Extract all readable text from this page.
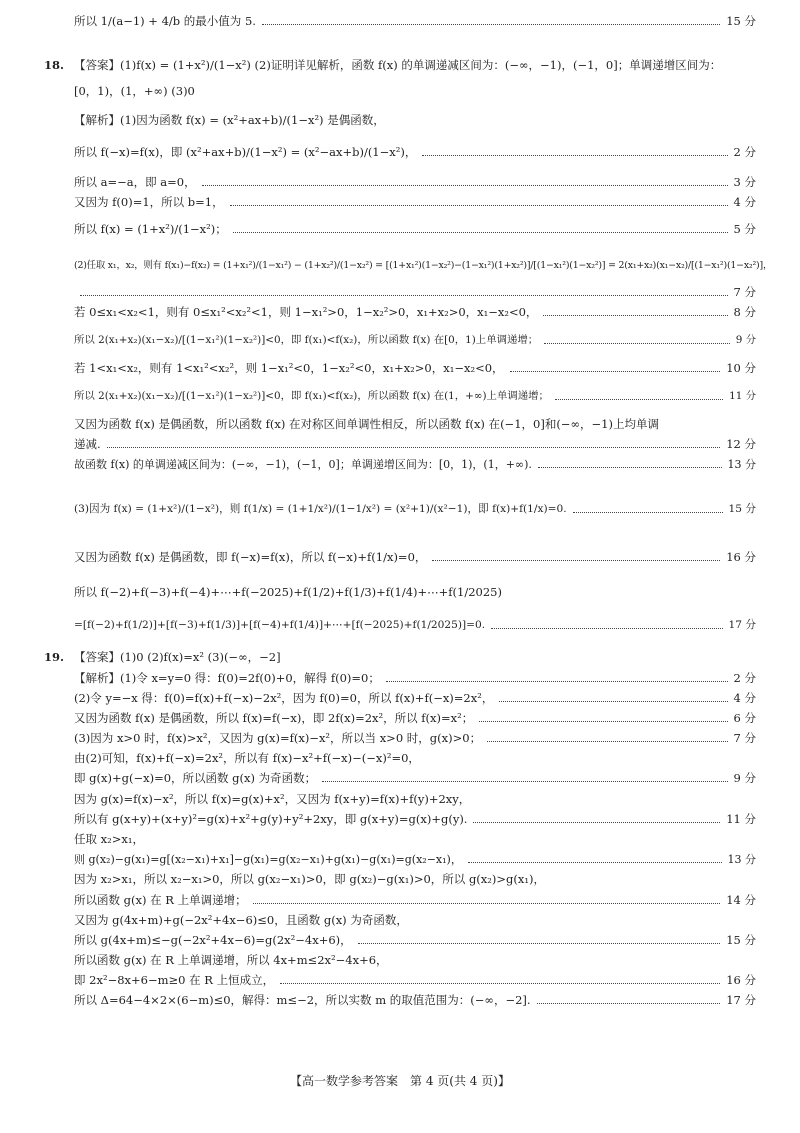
18.
19.
所以 1/(a−1) + 4/b 的最小值为 5.	15 分
【答案】(1)f(x) = (1+x²)/(1−x²) (2)证明详见解析，函数 f(x) 的单调递减区间为：(−∞，−1)，(−1，0]；单调递增区间为：
[0，1)，(1，+∞) (3)0
【解析】(1)因为函数 f(x) = (x²+ax+b)/(1−x²) 是偶函数，
所以 f(−x)=f(x)，即 (x²+ax+b)/(1−x²) = (x²−ax+b)/(1−x²)，	2 分
所以 a=−a，即 a=0，	3 分
又因为 f(0)=1，所以 b=1，	4 分
所以 f(x) = (1+x²)/(1−x²)；	5 分
(2)任取 x₁，x₂，则有 f(x₁)−f(x₂) = (1+x₁²)/(1−x₁²) − (1+x₂²)/(1−x₂²) = [(1+x₁²)(1−x₂²)−(1−x₁²)(1+x₂²)]/[(1−x₁²)(1−x₂²)] = 2(x₁+x₂)(x₁−x₂)/[(1−x₁²)(1−x₂²)]，
7 分
若 0≤x₁<x₂<1，则有 0≤x₁²<x₂²<1，则 1−x₁²>0，1−x₂²>0，x₁+x₂>0，x₁−x₂<0，	8 分
所以 2(x₁+x₂)(x₁−x₂)/[(1−x₁²)(1−x₂²)]<0，即 f(x₁)<f(x₂)，所以函数 f(x) 在[0，1)上单调递增；	9 分
若 1<x₁<x₂，则有 1<x₁²<x₂²，则 1−x₁²<0，1−x₂²<0，x₁+x₂>0，x₁−x₂<0，	10 分
所以 2(x₁+x₂)(x₁−x₂)/[(1−x₁²)(1−x₂²)]<0，即 f(x₁)<f(x₂)，所以函数 f(x) 在(1，+∞)上单调递增；	11 分
又因为函数 f(x) 是偶函数，所以函数 f(x) 在对称区间单调性相反，所以函数 f(x) 在(−1，0]和(−∞，−1)上均单调
递减.	12 分
故函数 f(x) 的单调递减区间为：(−∞，−1)，(−1，0]；单调递增区间为：[0，1)，(1，+∞).	13 分
(3)因为 f(x) = (1+x²)/(1−x²)，则 f(1/x) = (1+1/x²)/(1−1/x²) = (x²+1)/(x²−1)，即 f(x)+f(1/x)=0.	15 分
又因为函数 f(x) 是偶函数，即 f(−x)=f(x)，所以 f(−x)+f(1/x)=0，	16 分
所以 f(−2)+f(−3)+f(−4)+⋯+f(−2025)+f(1/2)+f(1/3)+f(1/4)+⋯+f(1/2025)
=[f(−2)+f(1/2)]+[f(−3)+f(1/3)]+[f(−4)+f(1/4)]+⋯+[f(−2025)+f(1/2025)]=0.	17 分
【答案】(1)0 (2)f(x)=x² (3)(−∞，−2]
【解析】(1)令 x=y=0 得：f(0)=2f(0)+0，解得 f(0)=0；	2 分
(2)令 y=−x 得：f(0)=f(x)+f(−x)−2x²，因为 f(0)=0，所以 f(x)+f(−x)=2x²，	4 分
又因为函数 f(x) 是偶函数，所以 f(x)=f(−x)，即 2f(x)=2x²，所以 f(x)=x²；	6 分
(3)因为 x>0 时，f(x)>x²，又因为 g(x)=f(x)−x²，所以当 x>0 时，g(x)>0；	7 分
由(2)可知，f(x)+f(−x)=2x²，所以有 f(x)−x²+f(−x)−(−x)²=0，
即 g(x)+g(−x)=0，所以函数 g(x) 为奇函数；	9 分
因为 g(x)=f(x)−x²，所以 f(x)=g(x)+x²，又因为 f(x+y)=f(x)+f(y)+2xy，
所以有 g(x+y)+(x+y)²=g(x)+x²+g(y)+y²+2xy，即 g(x+y)=g(x)+g(y).	11 分
任取 x₂>x₁，
则 g(x₂)−g(x₁)=g[(x₂−x₁)+x₁]−g(x₁)=g(x₂−x₁)+g(x₁)−g(x₁)=g(x₂−x₁)，	13 分
因为 x₂>x₁，所以 x₂−x₁>0，所以 g(x₂−x₁)>0，即 g(x₂)−g(x₁)>0，所以 g(x₂)>g(x₁)，
所以函数 g(x) 在 R 上单调递增；	14 分
又因为 g(4x+m)+g(−2x²+4x−6)≤0，且函数 g(x) 为奇函数，
所以 g(4x+m)≤−g(−2x²+4x−6)=g(2x²−4x+6)，	15 分
所以函数 g(x) 在 R 上单调递增，所以 4x+m≤2x²−4x+6，
即 2x²−8x+6−m≥0 在 R 上恒成立，	16 分
所以 Δ=64−4×2×(6−m)≤0，解得：m≤−2，所以实数 m 的取值范围为：(−∞，−2].	17 分
【高一数学参考答案　第 4 页(共 4 页)】
